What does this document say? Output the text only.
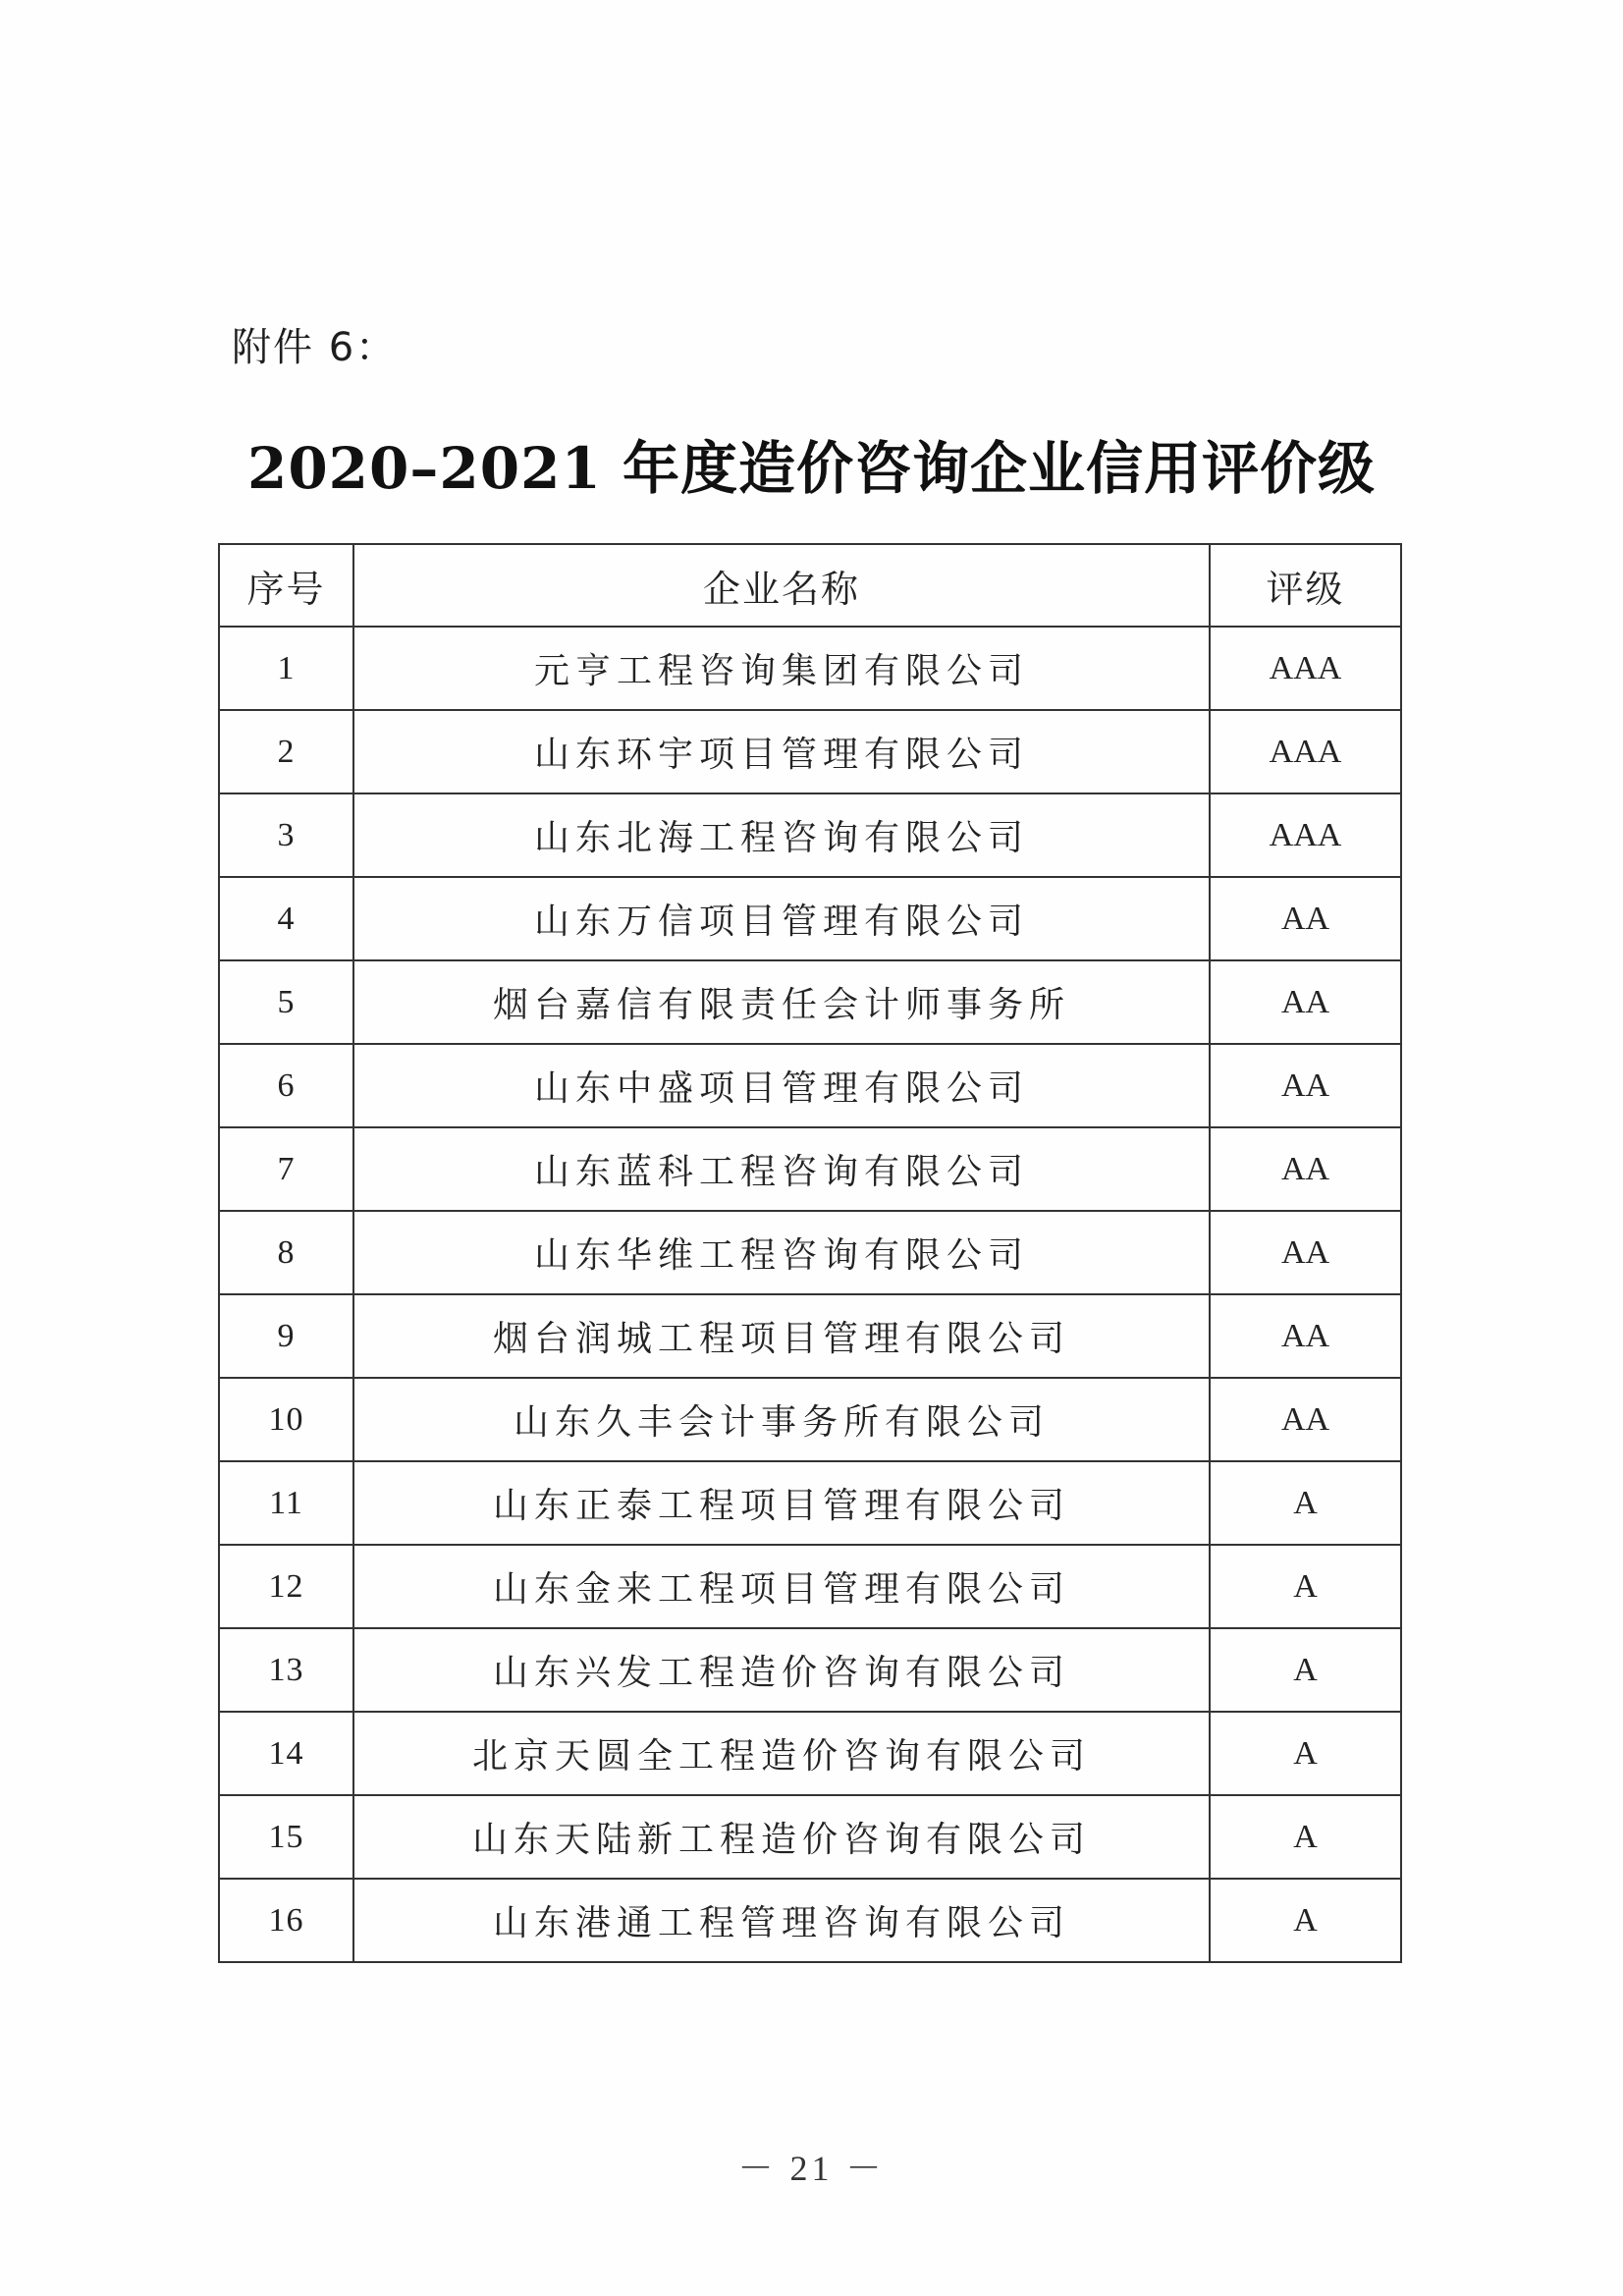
附件 6：
2020–2021 年度造价咨询企业信用评价级
序号	企业名称	评级
1	元亨工程咨询集团有限公司	AAA
2	山东环宇项目管理有限公司	AAA
3	山东北海工程咨询有限公司	AAA
4	山东万信项目管理有限公司	AA
5	烟台嘉信有限责任会计师事务所	AA
6	山东中盛项目管理有限公司	AA
7	山东蓝科工程咨询有限公司	AA
8	山东华维工程咨询有限公司	AA
9	烟台润城工程项目管理有限公司	AA
10	山东久丰会计事务所有限公司	AA
11	山东正泰工程项目管理有限公司	A
12	山东金来工程项目管理有限公司	A
13	山东兴发工程造价咨询有限公司	A
14	北京天圆全工程造价咨询有限公司	A
15	山东天陆新工程造价咨询有限公司	A
16	山东港通工程管理咨询有限公司	A
－ 21 －
